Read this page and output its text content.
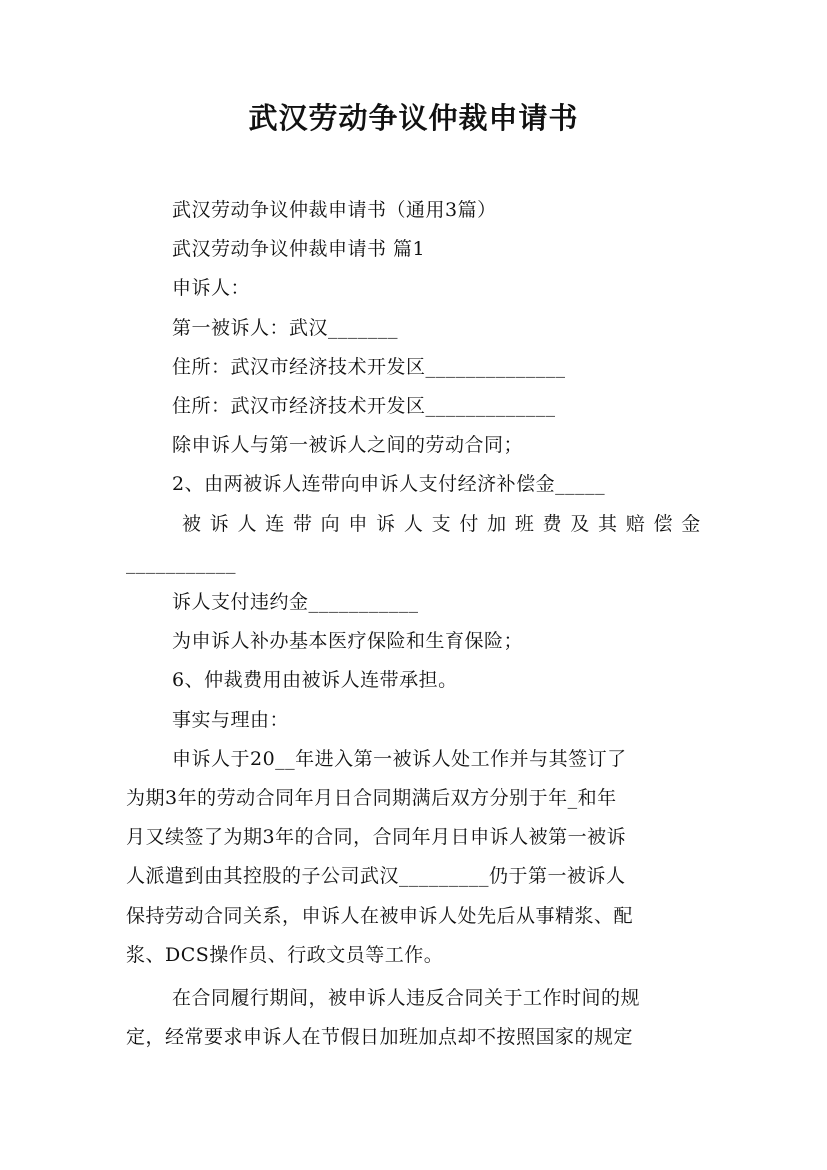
武汉劳动争议仲裁申请书
武汉劳动争议仲裁申请书（通用3篇）
武汉劳动争议仲裁申请书 篇1
申诉人：
第一被诉人：武汉_______
住所：武汉市经济技术开发区______________
住所：武汉市经济技术开发区_____________
除申诉人与第一被诉人之间的劳动合同；
2、由两被诉人连带向申诉人支付经济补偿金_____
被 诉 人 连 带 向 申 诉 人 支 付 加 班 费 及 其 赔 偿 金
___________
诉人支付违约金___________
为申诉人补办基本医疗保险和生育保险；
6、仲裁费用由被诉人连带承担。
事实与理由：
申诉人于20__年进入第一被诉人处工作并与其签订了
为期3年的劳动合同年月日合同期满后双方分别于年_和年
月又续签了为期3年的合同，合同年月日申诉人被第一被诉
人派遣到由其控股的子公司武汉_________仍于第一被诉人
保持劳动合同关系，申诉人在被申诉人处先后从事精浆、配
浆、DCS操作员、行政文员等工作。
在合同履行期间，被申诉人违反合同关于工作时间的规
定，经常要求申诉人在节假日加班加点却不按照国家的规定
